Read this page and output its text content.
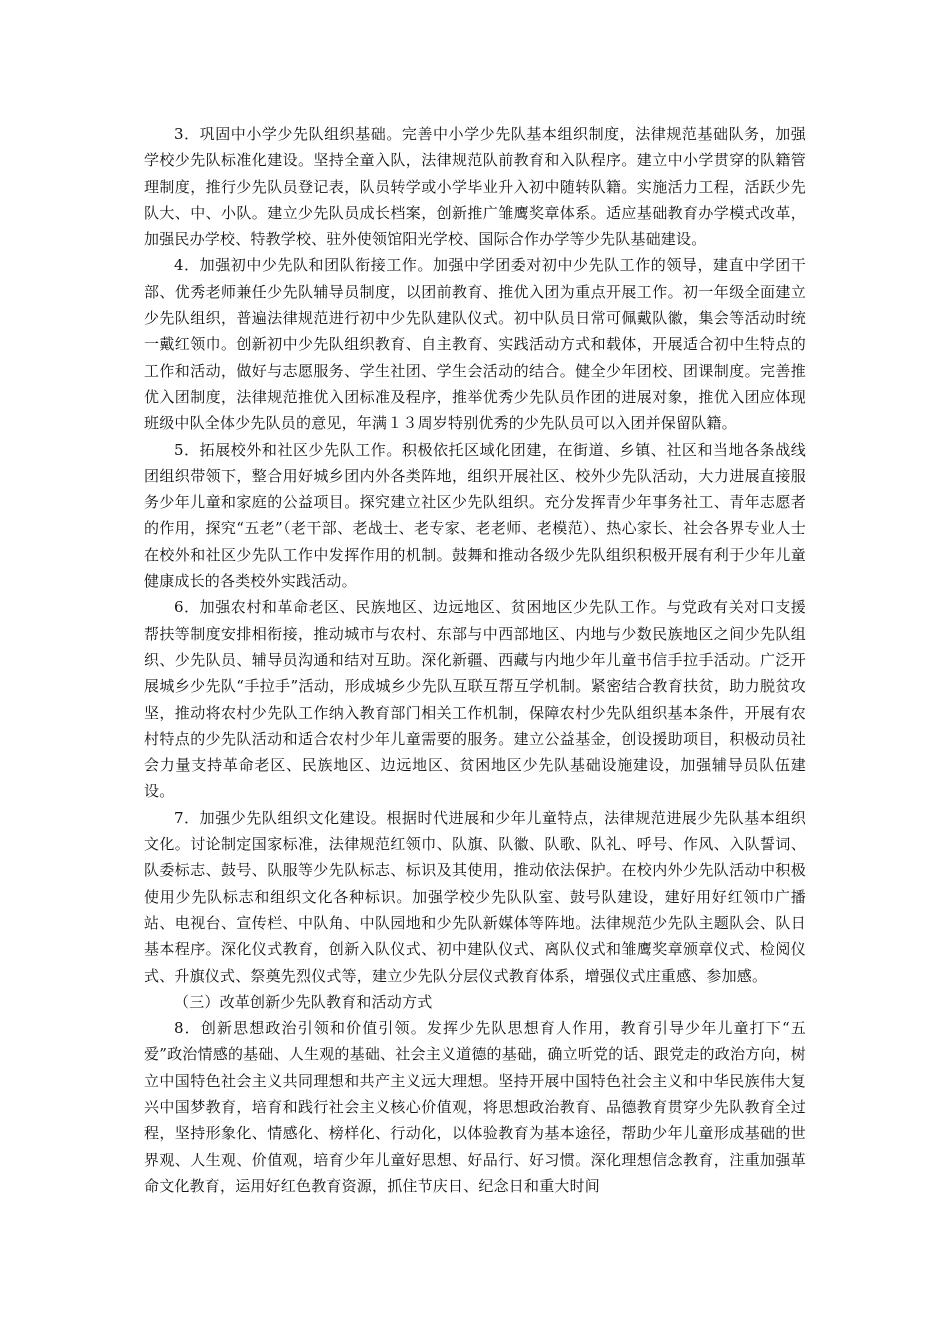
3．巩固中小学少先队组织基础。完善中小学少先队基本组织制度，法律规范基础队务，加强学校少先队标准化建设。坚持全童入队，法律规范队前教育和入队程序。建立中小学贯穿的队籍管理制度，推行少先队员登记表，队员转学或小学毕业升入初中随转队籍。实施活力工程，活跃少先队大、中、小队。建立少先队员成长档案，创新推广雏鹰奖章体系。适应基础教育办学模式改革，加强民办学校、特教学校、驻外使领馆阳光学校、国际合作办学等少先队基础建设。

4．加强初中少先队和团队衔接工作。加强中学团委对初中少先队工作的领导，建直中学团干部、优秀老师兼任少先队辅导员制度，以团前教育、推优入团为重点开展工作。初一年级全面建立少先队组织，普遍法律规范进行初中少先队建队仪式。初中队员日常可佩戴队徽，集会等活动时统一戴红领巾。创新初中少先队组织教育、自主教育、实践活动方式和载体，开展适合初中生特点的工作和活动，做好与志愿服务、学生社团、学生会活动的结合。健全少年团校、团课制度。完善推优入团制度，法律规范推优入团标准及程序，推举优秀少先队员作团的进展对象，推优入团应体现班级中队全体少先队员的意见，年满１３周岁特别优秀的少先队员可以入团并保留队籍。

5．拓展校外和社区少先队工作。积极依托区域化团建，在街道、乡镇、社区和当地各条战线团组织带领下，整合用好城乡团内外各类阵地，组织开展社区、校外少先队活动，大力进展直接服务少年儿童和家庭的公益项目。探究建立社区少先队组织。充分发挥青少年事务社工、青年志愿者的作用，探究“五老”（老干部、老战士、老专家、老老师、老模范）、热心家长、社会各界专业人士在校外和社区少先队工作中发挥作用的机制。鼓舞和推动各级少先队组织积极开展有利于少年儿童健康成长的各类校外实践活动。

6．加强农村和革命老区、民族地区、边远地区、贫困地区少先队工作。与党政有关对口支援帮扶等制度安排相衔接，推动城市与农村、东部与中西部地区、内地与少数民族地区之间少先队组织、少先队员、辅导员沟通和结对互助。深化新疆、西藏与内地少年儿童书信手拉手活动。广泛开展城乡少先队“手拉手”活动，形成城乡少先队互联互帮互学机制。紧密结合教育扶贫，助力脱贫攻坚，推动将农村少先队工作纳入教育部门相关工作机制，保障农村少先队组织基本条件，开展有农村特点的少先队活动和适合农村少年儿童需要的服务。建立公益基金，创设援助项目，积极动员社会力量支持革命老区、民族地区、边远地区、贫困地区少先队基础设施建设，加强辅导员队伍建设。

7．加强少先队组织文化建设。根据时代进展和少年儿童特点，法律规范进展少先队基本组织文化。讨论制定国家标准，法律规范红领巾、队旗、队徽、队歌、队礼、呼号、作风、入队誓词、队委标志、鼓号、队服等少先队标志、标识及其使用，推动依法保护。在校内外少先队活动中积极使用少先队标志和组织文化各种标识。加强学校少先队队室、鼓号队建设，建好用好红领巾广播站、电视台、宣传栏、中队角、中队园地和少先队新媒体等阵地。法律规范少先队主题队会、队日基本程序。深化仪式教育，创新入队仪式、初中建队仪式、离队仪式和雏鹰奖章颁章仪式、检阅仪式、升旗仪式、祭奠先烈仪式等，建立少先队分层仪式教育体系，增强仪式庄重感、参加感。

（三）改革创新少先队教育和活动方式

8．创新思想政治引领和价值引领。发挥少先队思想育人作用，教育引导少年儿童打下“五爱”政治情感的基础、人生观的基础、社会主义道德的基础，确立听党的话、跟党走的政治方向，树立中国特色社会主义共同理想和共产主义远大理想。坚持开展中国特色社会主义和中华民族伟大复兴中国梦教育，培育和践行社会主义核心价值观，将思想政治教育、品德教育贯穿少先队教育全过程，坚持形象化、情感化、榜样化、行动化，以体验教育为基本途径，帮助少年儿童形成基础的世界观、人生观、价值观，培育少年儿童好思想、好品行、好习惯。深化理想信念教育，注重加强革命文化教育，运用好红色教育资源，抓住节庆日、纪念日和重大时间
